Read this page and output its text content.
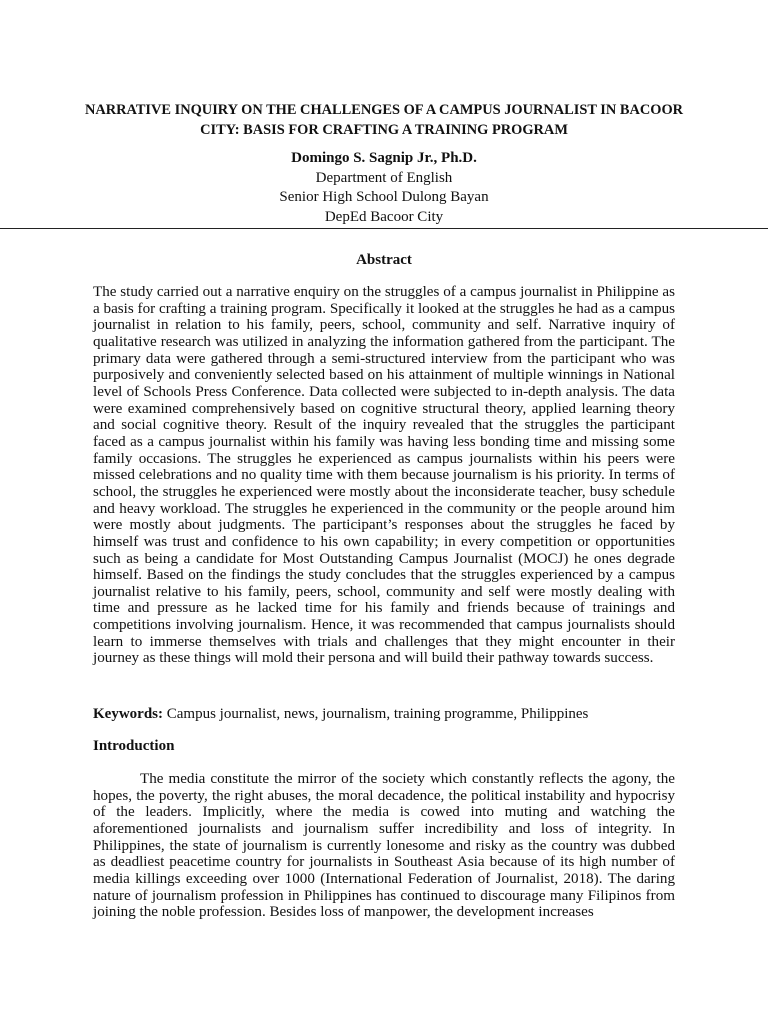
NARRATIVE INQUIRY ON THE CHALLENGES OF A CAMPUS JOURNALIST IN BACOOR CITY: BASIS FOR CRAFTING A TRAINING PROGRAM
Domingo S. Sagnip Jr., Ph.D.
Department of English
Senior High School Dulong Bayan
DepEd Bacoor City
Abstract

The study carried out a narrative enquiry on the struggles of a campus journalist in Philippine as a basis for crafting a training program. Specifically it looked at the struggles he had as a campus journalist in relation to his family, peers, school, community and self. Narrative inquiry of qualitative research was utilized in analyzing the information gathered from the participant. The primary data were gathered through a semi-structured interview from the participant who was purposively and conveniently selected based on his attainment of multiple winnings in National level of Schools Press Conference. Data collected were subjected to in-depth analysis. The data were examined comprehensively based on cognitive structural theory, applied learning theory and social cognitive theory. Result of the inquiry revealed that the struggles the participant faced as a campus journalist within his family was having less bonding time and missing some family occasions. The struggles he experienced as campus journalists within his peers were missed celebrations and no quality time with them because journalism is his priority. In terms of school, the struggles he experienced were mostly about the inconsiderate teacher, busy schedule and heavy workload. The struggles he experienced in the community or the people around him were mostly about judgments. The participant’s responses about the struggles he faced by himself was trust and confidence to his own capability; in every competition or opportunities such as being a candidate for Most Outstanding Campus Journalist (MOCJ) he ones degrade himself. Based on the findings the study concludes that the struggles experienced by a campus journalist relative to his family, peers, school, community and self were mostly dealing with time and pressure as he lacked time for his family and friends because of trainings and competitions involving journalism. Hence, it was recommended that campus journalists should learn to immerse themselves with trials and challenges that they might encounter in their journey as these things will mold their persona and will build their pathway towards success.

Keywords: Campus journalist, news, journalism, training programme, Philippines

Introduction

The media constitute the mirror of the society which constantly reflects the agony, the hopes, the poverty, the right abuses, the moral decadence, the political instability and hypocrisy of the leaders. Implicitly, where the media is cowed into muting and watching the aforementioned journalists and journalism suffer incredibility and loss of integrity. In Philippines, the state of journalism is currently lonesome and risky as the country was dubbed as deadliest peacetime country for journalists in Southeast Asia because of its high number of media killings exceeding over 1000 (International Federation of Journalist, 2018). The daring nature of journalism profession in Philippines has continued to discourage many Filipinos from joining the noble profession. Besides loss of manpower, the development increases
